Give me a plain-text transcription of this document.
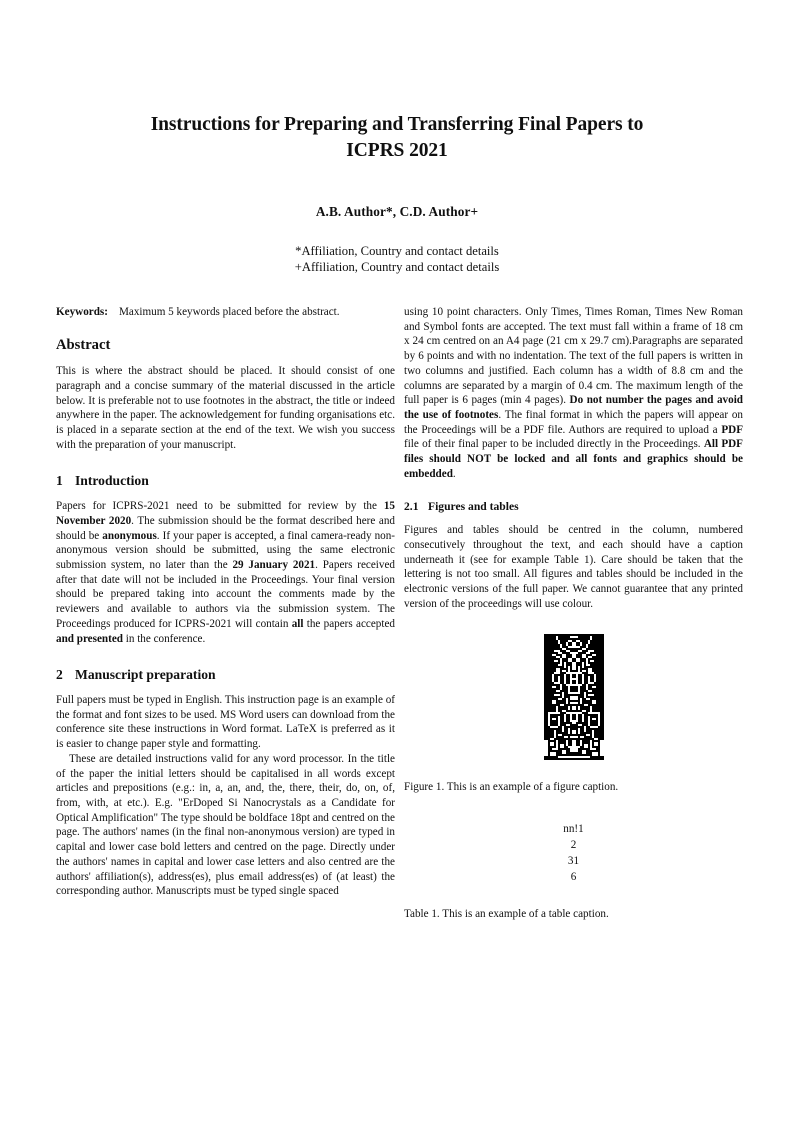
Instructions for Preparing and Transferring Final Papers to
ICPRS 2021
A.B. Author*, C.D. Author+
*Affiliation, Country and contact details
+Affiliation, Country and contact details

Keywords: Maximum 5 keywords placed before the abstract.

Abstract

This is where the abstract should be placed. It should consist of one paragraph and a concise summary of the material discussed in the article below. It is preferable not to use footnotes in the abstract, the title or indeed anywhere in the paper. The acknowledgement for funding organisations etc. is placed in a separate section at the end of the text. We wish you success with the preparation of your manuscript.

1 Introduction

Papers for ICPRS-2021 need to be submitted for review by the 15 November 2020. The submission should be the format described here and should be anonymous. If your paper is accepted, a final camera-ready non-anonymous version should be submitted, using the same electronic submission system, no later than the 29 January 2021. Papers received after that date will not be included in the Proceedings. Your final version should be prepared taking into account the comments made by the reviewers and available to authors via the submission system. The Proceedings produced for ICPRS-2021 will contain all the papers accepted and presented in the conference.

2 Manuscript preparation

Full papers must be typed in English. This instruction page is an example of the format and font sizes to be used. MS Word users can download from the conference site these instructions in Word format. LaTeX is preferred as it is easier to change paper style and formatting.

These are detailed instructions valid for any word processor. In the title of the paper the initial letters should be capitalised in all words except articles and prepositions (e.g.: in, a, an, and, the, there, their, do, on, of, from, with, at etc.). E.g. "ErDoped Si Nanocrystals as a Candidate for Optical Amplification" The type should be boldface 18pt and centred on the page. The authors' names (in the final non-anonymous version) are typed in capital and lower case bold letters and centred on the page. Directly under the authors' names in capital and lower case letters and also centred are the authors' affiliation(s), address(es), plus email address(es) of (at least) the corresponding author. Manuscripts must be typed single spaced

using 10 point characters. Only Times, Times Roman, Times New Roman and Symbol fonts are accepted. The text must fall within a frame of 18 cm x 24 cm centred on an A4 page (21 cm x 29.7 cm).Paragraphs are separated by 6 points and with no indentation. The text of the full papers is written in two columns and justified. Each column has a width of 8.8 cm and the columns are separated by a margin of 0.4 cm. The maximum length of the full paper is 6 pages (min 4 pages). Do not number the pages and avoid the use of footnotes. The final format in which the papers will appear on the Proceedings will be a PDF file. Authors are required to upload a PDF file of their final paper to be included directly in the Proceedings. All PDF files should NOT be locked and all fonts and graphics should be embedded.

2.1 Figures and tables

Figures and tables should be centred in the column, numbered consecutively throughout the text, and each should have a caption underneath it (see for example Table 1). Care should be taken that the lettering is not too small. All figures and tables should be included in the electronic versions of the full paper. We cannot guarantee that any printed version of the proceedings will use colour.

Figure 1. This is an example of a figure caption.
nn!1
2
31
6
Table 1. This is an example of a table caption.
